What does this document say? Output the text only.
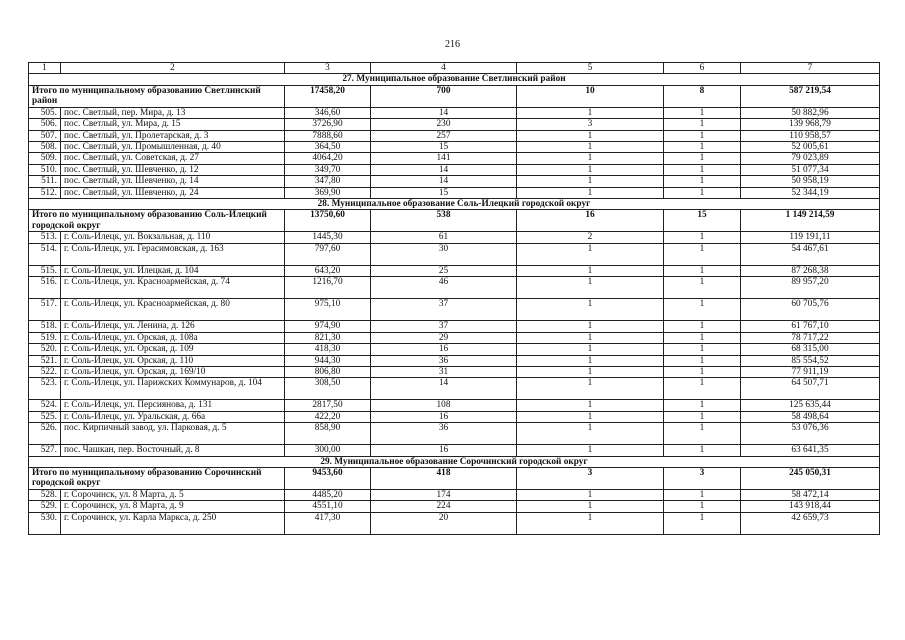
216
1	2	3	4	5	6	7
27. Муниципальное образование Светлинский район						
Итого по муниципальному образованию Светлинский район		17458,20	700	10	8	587 219,54
505.	пос. Светлый, пер. Мира, д. 13	346,60	14	1	1	50 882,96
506.	пос. Светлый, ул. Мира, д. 15	3726,90	230	3	1	139 968,79
507.	пос. Светлый, ул. Пролетарская, д. 3	7888,60	257	1	1	110 958,57
508.	пос. Светлый, ул. Промышленная, д. 40	364,50	15	1	1	52 005,61
509.	пос. Светлый, ул. Советская, д. 27	4064,20	141	1	1	79 023,89
510.	пос. Светлый, ул. Шевченко, д. 12	349,70	14	1	1	51 077,34
511.	пос. Светлый, ул. Шевченко, д. 14	347,80	14	1	1	50 958,19
512.	пос. Светлый, ул. Шевченко, д. 24	369,90	15	1	1	52 344,19
28. Муниципальное образование Соль-Илецкий городской округ						
Итого по муниципальному образованию Соль-Илецкий городской округ		13750,60	538	16	15	1 149 214,59
513.	г. Соль-Илецк, ул. Вокзальная, д. 110	1445,30	61	2	1	119 191,11
514.	г. Соль-Илецк, ул. Герасимовская, д. 163	797,60	30	1	1	54 467,61
515.	г. Соль-Илецк, ул. Илецкая, д. 104	643,20	25	1	1	87 268,38
516.	г. Соль-Илецк, ул. Красноармейская, д. 74	1216,70	46	1	1	89 957,20
517.	г. Соль-Илецк, ул. Красноармейская, д. 80	975,10	37	1	1	60 705,76
518.	г. Соль-Илецк, ул. Ленина, д. 126	974,90	37	1	1	61 767,10
519.	г. Соль-Илецк, ул. Орская, д. 108а	821,30	29	1	1	78 717,22
520.	г. Соль-Илецк, ул. Орская, д. 109	418,30	16	1	1	68 315,00
521.	г. Соль-Илецк, ул. Орская, д. 110	944,30	36	1	1	85 554,52
522.	г. Соль-Илецк, ул. Орская, д. 169/10	806,80	31	1	1	77 911,19
523.	г. Соль-Илецк, ул. Парижских Коммунаров, д. 104	308,50	14	1	1	64 507,71
524.	г. Соль-Илецк, ул. Персиянова, д. 131	2817,50	108	1	1	125 635,44
525.	г. Соль-Илецк, ул. Уральская, д. 66а	422,20	16	1	1	58 498,64
526.	пос. Кирпичный завод, ул. Парковая, д. 5	858,90	36	1	1	53 076,36
527.	пос. Чашкан, пер. Восточный, д. 8	300,00	16	1	1	63 641,35
29. Муниципальное образование Сорочинский городской округ						
Итого по муниципальному образованию Сорочинский городской округ		9453,60	418	3	3	245 050,31
528.	г. Сорочинск, ул. 8 Марта, д. 5	4485,20	174	1	1	58 472,14
529.	г. Сорочинск, ул. 8 Марта, д. 9	4551,10	224	1	1	143 918,44
530.	г. Сорочинск, ул. Карла Маркса, д. 250	417,30	20	1	1	42 659,73
